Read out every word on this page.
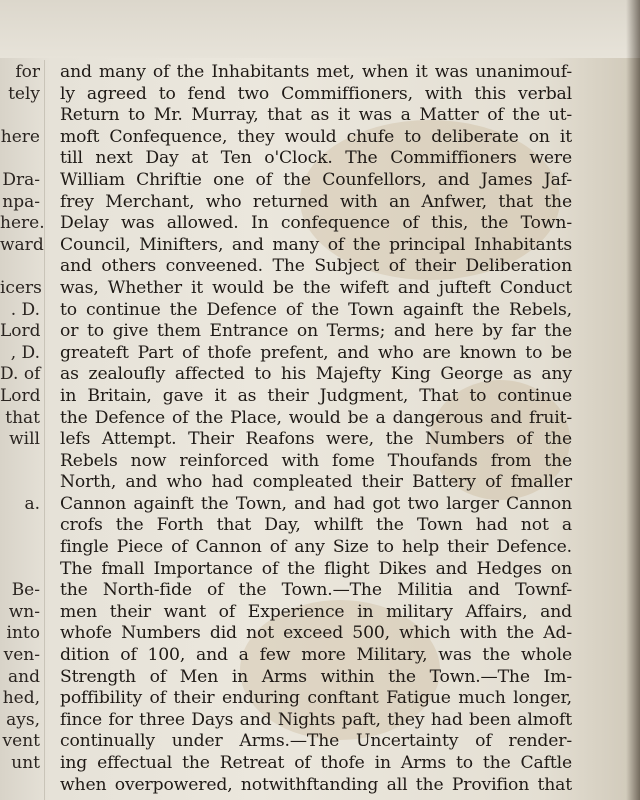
for
tely
here
Dra-
npa-
here.
ward
icers
. D.
Lord
, D.
D. of
Lord
that
will
a.
Be-
wn-
into
ven-
and
hed,
ays,
vent
unt
and many of the Inhabitants met, when it was unanimouf-
ly agreed to fend two Commiffioners, with this verbal
Return to Mr. Murray, that as it was a Matter of the ut-
moft Confequence, they would chufe to deliberate on it
till next Day at Ten o'Clock. The Commiffioners were
William Chriftie one of the Counfellors, and James Jaf-
frey Merchant, who returned with an Anfwer, that the
Delay was allowed. In confequence of this, the Town-
Council, Minifters, and many of the principal Inhabitants
and others conveened. The Subject of their Deliberation
was, Whether it would be the wifeft and jufteft Conduct
to continue the Defence of the Town againft the Rebels,
or to give them Entrance on Terms; and here by far the
greateft Part of thofe prefent, and who are known to be
as zealoufly affected to his Majefty King George as any
in Britain, gave it as their Judgment, That to continue
the Defence of the Place, would be a dangerous and fruit-
lefs Attempt. Their Reafons were, the Numbers of the
Rebels now reinforced with fome Thoufands from the
North, and who had compleated their Battery of fmaller
Cannon againft the Town, and had got two larger Cannon
crofs the Forth that Day, whilft the Town had not a
fingle Piece of Cannon of any Size to help their Defence.
The fmall Importance of the flight Dikes and Hedges on
the North-fide of the Town.—The Militia and Townf-
men their want of Experience in military Affairs, and
whofe Numbers did not exceed 500, which with the Ad-
dition of 100, and a few more Military, was the whole
Strength of Men in Arms within the Town.—The Im-
poffibility of their enduring conftant Fatigue much longer,
fince for three Days and Nights paft, they had been almoft
continually under Arms.—The Uncertainty of render-
ing effectual the Retreat of thofe in Arms to the Caftle
when overpowered, notwithftanding all the Provifion that
